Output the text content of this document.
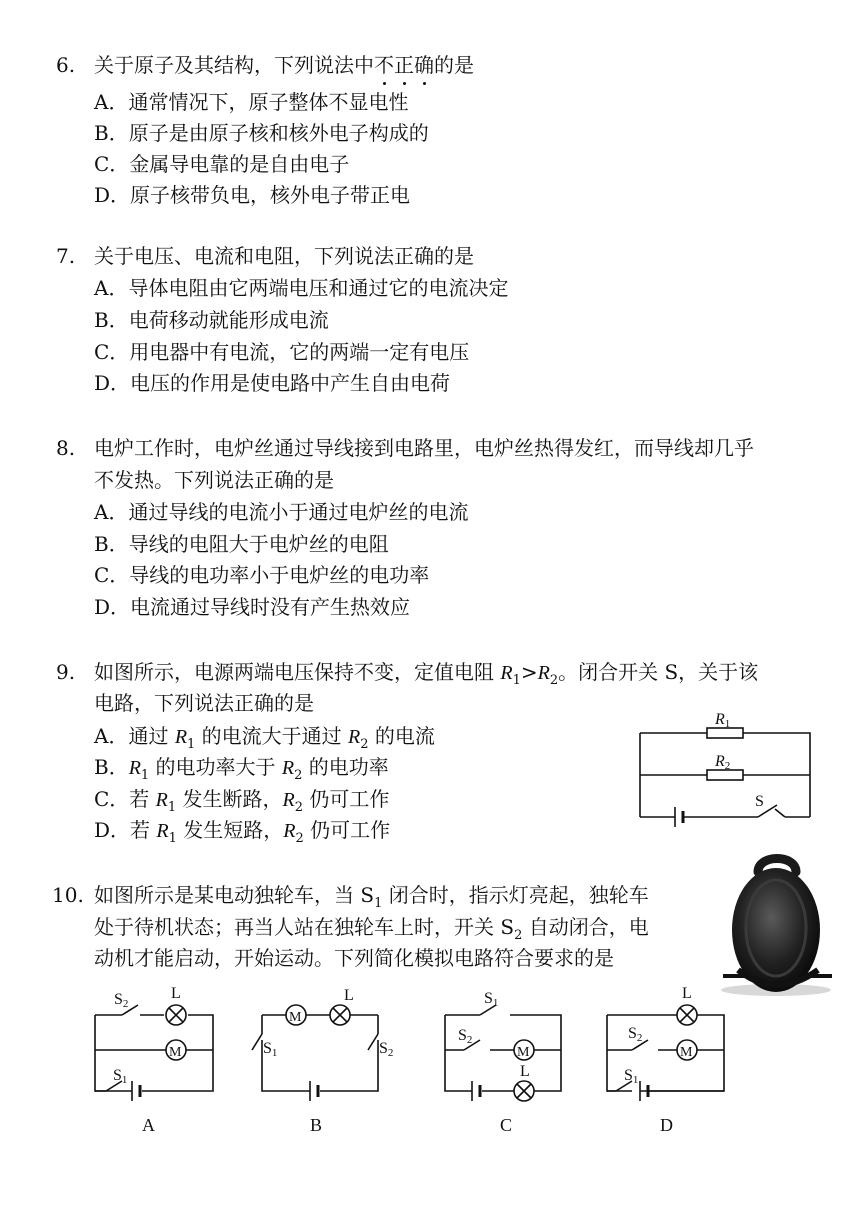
6. 关于原子及其结构，下列说法中不正确的是
A．通常情况下，原子整体不显电性
B．原子是由原子核和核外电子构成的
C．金属导电靠的是自由电子
D．原子核带负电，核外电子带正电
7. 关于电压、电流和电阻，下列说法正确的是
A．导体电阻由它两端电压和通过它的电流决定
B．电荷移动就能形成电流
C．用电器中有电流，它的两端一定有电压
D．电压的作用是使电路中产生自由电荷
8. 电炉工作时，电炉丝通过导线接到电路里，电炉丝热得发红，而导线却几乎
不发热。下列说法正确的是
A．通过导线的电流小于通过电炉丝的电流
B．导线的电阻大于电炉丝的电阻
C．导线的电功率小于电炉丝的电功率
D．电流通过导线时没有产生热效应
9. 如图所示，电源两端电压保持不变，定值电阻 $R_1>R_2$。闭合开关 S，关于该
电路，下列说法正确的是
A．通过 $R_1$ 的电流大于通过 $R_2$ 的电流
B．$R_1$ 的电功率大于 $R_2$ 的电功率
C．若 $R_1$ 发生断路，$R_2$ 仍可工作
D．若 $R_1$ 发生短路，$R_2$ 仍可工作
R1
R2
S
10. 如图所示是某电动独轮车，当 $S_1$ 闭合时，指示灯亮起，独轮车
处于待机状态；再当人站在独轮车上时，开关 $S_2$ 自动闭合，电
动机才能启动，开始运动。下列简化模拟电路符合要求的是
S2
L
M
S1
A
M
L
S1	S2
B
S1
S2
M
L
C
L
S2
M
S1
D
